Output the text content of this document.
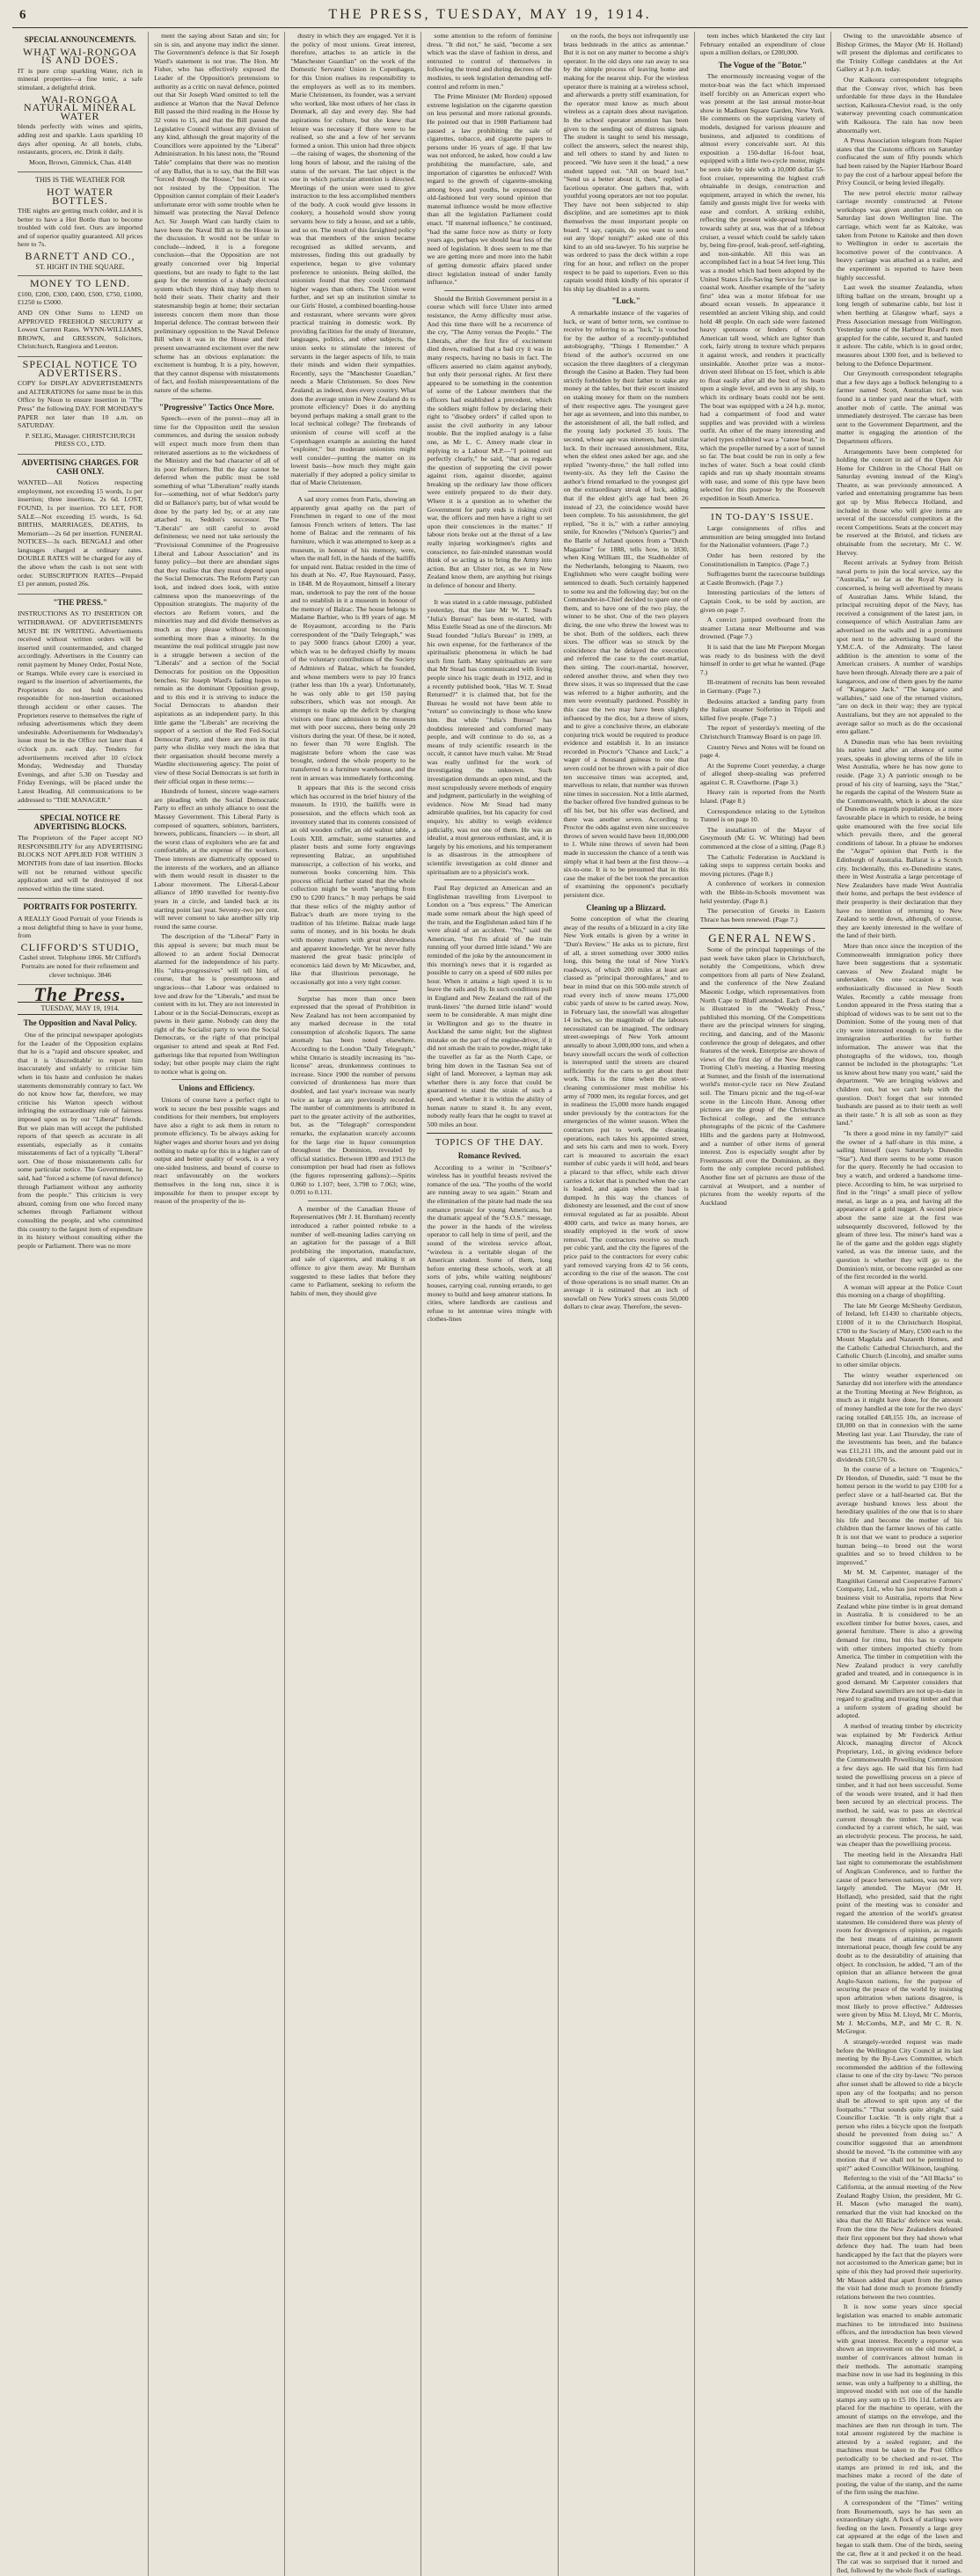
6	THE PRESS, TUESDAY, MAY 19, 1914.
SPECIAL ANNOUNCEMENTS.
WHAT WAI-RONGOA IS AND DOES.

IT is pure crisp sparkling Water, rich in mineral properties—a fine tonic, a safe stimulant, a delightful drink.

WAI-RONGOA NATURAL MINERAL WATER

blends perfectly with wines and spirits, adding zest and sparkle. Lasts sparkling 10 days after opening. At all hotels, clubs, restaurants, grocers, etc. Drink it daily.

Moon, Brown, Gimmick, Chas. 4148

THIS IS THE WEATHER FOR
HOT WATER BOTTLES.

THE nights are getting much colder, and it is better to have a Hot Bottle than to become troubled with cold feet. Ours are imported and of superior quality guaranteed. All prices here to 7s.

BARNETT AND CO.,
ST. HIGHT IN THE SQUARE.
MONEY TO LEND.

£100, £200, £300, £400, £500, £750, £1000, £1250 to £5000.

AND ON Other Sums to LEND on APPROVED FREEHOLD SECURITY at Lowest Current Rates. WYNN-WILLIAMS, BROWN, and GRESSON, Solicitors, Christchurch, Rangiora and Leeston.

SPECIAL NOTICE TO ADVERTISERS.

COPY for DISPLAY ADVERTISEMENTS and ALTERATIONS for same must be in this Office by Noon to ensure insertion in "The Press" the following DAY. FOR MONDAY'S PAPER not later than 10 a.m. on SATURDAY.

P. SELIG, Manager. CHRISTCHURCH PRESS CO., LTD.

ADVERTISING CHARGES. FOR CASH ONLY.

WANTED—All Notices respecting employment, not exceeding 15 words, 1s per insertion; three insertions, 2s 6d. LOST, FOUND, 1s per insertion. TO LET, FOR SALE—Not exceeding 15 words, 1s 6d. BIRTHS, MARRIAGES, DEATHS, In Memoriam—2s 6d per insertion. FUNERAL NOTICES—3s each. BENGALI and other languages charged at ordinary rates. DOUBLE RATES will be charged for any of the above when the cash is not sent with order. SUBSCRIPTION RATES—Prepaid £1 per annum, posted 26s.

"THE PRESS."

INSTRUCTIONS AS TO INSERTION OR WITHDRAWAL OF ADVERTISEMENTS MUST BE IN WRITING. Advertisements received without written orders will be inserted until countermanded, and charged accordingly. Advertisers in the Country can remit payment by Money Order, Postal Note, or Stamps. While every care is exercised in regard to the insertion of advertisements, the Proprietors do not hold themselves responsible for non-insertion occasioned through accident or other causes. The Proprietors reserve to themselves the right of refusing advertisements which they deem undesirable. Advertisements for Wednesday's issue must be in the Office not later than 4 o'clock p.m. each day. Tenders for advertisements received after 10 o'clock Monday, Wednesday and Thursday Evenings, and after 5.30 on Tuesday and Friday Evenings, will be placed under the Latest Heading. All communications to be addressed to "THE MANAGER."

SPECIAL NOTICE RE ADVERTISING BLOCKS.

The Proprietors of the Paper accept NO RESPONSIBILITY for any ADVERTISING BLOCKS NOT APPLIED FOR WITHIN 3 MONTHS from date of last insertion. Blocks will not be returned without specific application and will be destroyed if not removed within the time stated.

PORTRAITS FOR POSTERITY.

A REALLY Good Portrait of your Friends is a most delightful thing to have in your home, from

CLIFFORD'S STUDIO,

Cashel street. Telephone 1866. Mr Clifford's Portraits are noted for their refinement and clever technique. 3846

The Press.
TUESDAY, MAY 19, 1914.
The Opposition and Naval Policy.

One of the principal newspaper apologists for the Leader of the Opposition explains that he is a "rapid and obscure speaker, and that it is 'discreditable' to report him inaccurately and unfairly to criticise him when in his haste and confusion he makes statements demonstrably contrary to fact. We do not know how far, therefore, we may criticise his Warton speech without infringing the extraordinary rule of fairness imposed upon us by our "Liberal" friends. But we plain man will accept the published reports of that speech as accurate in all essentials, especially as it contains misstatements of fact of a typically "Liberal" sort. One of those misstatements calls for some particular notice. The Government, he said, had "forced a scheme (of naval defence) through Parliament without any authority from the people." This criticism is very absurd, coming from one who forced many schemes through Parliament without consulting the people, and who committed this country to the largest item of expenditure in its history without consulting either the people or Parliament. There was no more

ment the saying about Satan and sin; for sin is sin, and anyone may indict the sinner. The Government's defence is that Sir Joseph Ward's statement is not true. The Hon. Mr Fisher, who has effectively exposed the Leader of the Opposition's pretensions to authority as a critic on naval defence, pointed out that Sir Joseph Ward omitted to tell the audience at Warton that the Naval Defence Bill passed the third reading in the House by 32 votes to 15, and that the Bill passed the Legislative Council without any division of any kind, although the great majority of the Councillors were appointed by the "Liberal" Administration. In his latest note, the "Round Table" complains that there was no mention of any Ballot, that is to say, that the Bill was "forced through the House," but that it was not resisted by the Opposition. The Opposition cannot complain of their Leader's unfortunate error with some trouble when he himself was protecting the Naval Defence Act. Sir Joseph Ward can hardly claim to have been the Naval Bill as to the House in the discussion. It would not be unfair to conclude—indeed, it is a foregone conclusion—that the Opposition are not greatly concerned over big Imperial questions, but are ready to fight to the last gasp for the retention of a shady electoral system which they think may help them to hold their seats. Their charity and their statesmanship begin at home; their sectarian interests concern them more than those Imperial defence. The contrast between their preliminary opposition to the Naval Defence Bill when it was in the House and their present unwarranted excitement over the new scheme has an obvious explanation: the excitement is humbug. It is a pity, however, that they cannot dispense with misstatements of fact, and foolish misrepresentations of the nature of the scheme.

"Progressive" Tactics Once More.

Speech—even of the purest—may all in time for the Opposition until the session commences, and during the session nobody will expect much more from them than reiterated assertions as to the wickedness of the Ministry and the bad character of all of its poor Reformers. But the day cannot be deferred when the public must be told something of what "Liberalism" really stands for—something, not of what Seddon's party did or Ballance's party, but of what would be done by the party led by, or at any rate attached to, Seddon's successor. The "Liberals" are still careful to avoid definiteness; we need not take seriously the "Provisional Committee of the Progressive Liberal and Labour Association" and its funny policy—but there are abundant signs that they realise that they must depend upon the Social Democrats. The Reform Party can look, and indeed does look, with entire calmness upon the manoeuvrings of the Opposition strategists. The majority of the electors are Reform voters, and the minorities may and did divide themselves as much as they please without becoming something more than a minority. In the meantime the real political struggle just now is a struggle between a section of the "Liberals" and a section of the Social Democrats for position on the Opposition benches. Sir Joseph Ward's fading hopes to remain as the dominant Opposition group, and to this end it is striving to induce the Social Democrats to abandon their aspirations as an independent party. In this little game the "Liberals" are receiving the support of a section of the Red Fed-Social Democrat Party, and there are men in that party who dislike very much the idea that their organisation should become merely a Wardite electioneering agency. The point of view of these Social Democrats is set forth in their official organ in these terms:—

Hundreds of honest, sincere wage-earners are pleading with the Social Democratic Party to effect an unholy alliance to oust the Massey Government. This Liberal Party is composed of squatters, sobistors, barristers, brewers, publicans, financiers — in short, all the worst class of exploiters who are fat and comfortable, at the expense of the workers. These interests are diametrically opposed to the interests of the workers, and an alliance with them would result in disaster to the Labour movement. The Liberal-Labour alliance of 1890 travelled for twenty-five years in a circle, and landed back at its starting point last year. Seventy-two per cent. will never consent to take another silly trip round the same course.

The description of the "Liberal" Party in this appeal is severe; but much must be allowed to an ardent Social Democrat alarmed for the independence of his party. His "ultra-progressives" will tell him, of course, that he is presumptuous and ungracious—that Labour was ordained to love and draw for the "Liberals," and must be content with its lot. They are not interested in Labour or in the Social-Democrats, except as pawns in their game. Nobody can deny the right of the Socialist party to woo the Social Democrats, or the right of that principal organiser to attend and speak at Red Fed. gatherings like that reported from Wellington today; but other people may claim the right to notice what is going on.

Unions and Efficiency.

Unions of course have a perfect right to work to secure the best possible wages and conditions for their members, but employers have also a right to ask them in return to promote efficiency. To be always asking for higher wages and shorter hours and yet doing nothing to make up for this in a higher rate of output and better quality of work, is a very one-sided business, and bound of course to react unfavourably on the workers themselves in the long run, since it is impossible for them to prosper except by reason of the prosperity of the in-

dustry in which they are engaged. Yet it is the policy of most unions. Great interest, therefore, attaches to an article in the "Manchester Guardian" on the work of the Domestic Servants' Union in Copenhagen, for this Union realises its responsibility to the employers as well as to its members. Marie Christensen, its founder, was a servant who worked, like most others of her class in Denmark, all day and every day. She had aspirations for culture, but she knew that leisure was necessary if there were to be realised, so she and a few of her servants formed a union. This union had three objects —the raising of wages, the shortening of the long hours of labour, and the raising of the status of the servant. The last object is the one in which particular attention is directed. Meetings of the union were used to give instruction to the less accomplished members of the body. A cook would give lessons in cookery, a household would show young servants how to tidy a house, and set a table, and so on. The result of this farsighted policy was that members of the union became recognised as skilled servants, and mistresses, finding this out gradually by experience, began to give voluntary preference to unionists. Being skilled, the unionists found that they could command higher wages than others. The Union went further, and set up an institution similar to our Girls' Hostel, a combined boarding-house and restaurant, where servants were given practical training in domestic work. By providing facilities for the study of literature, languages, politics, and other subjects, the union seeks to stimulate the interest of servants in the larger aspects of life, to train their minds and widen their sympathies. Recently, says the "Manchester Guardian," needs a Marie Christensen. So does New Zealand; as indeed, does every country. What does the average union in New Zealand do to promote efficiency? Does it do anything beyond perhaps making a small grant to the local technical college? The firebrands of unionism of course will scoff at the Copenhagen example as assisting the hated "exploiter," but moderate unionists might well consider—putting the matter on its lowest basis—how much they might gain materially if they adopted a policy similar to that of Marie Christensen.

A sad story comes from Paris, showing an apparently great apathy on the part of Frenchmen in regard to one of the most famous French writers of letters. The last home of Balzac and the remnants of his furniture, which it was attempted to keep as a museum, in honour of his memory, were, when the mall fell, in the hands of the bailiffs for unpaid rent. Balzac resided in the time of his death at No. 47, Rue Raynouard, Passy, in 1848. M de Royaumont, himself a literary man, undertook to pay the rent of the house and to establish in it a museum in honour of the memory of Balzac. The house belongs to Madame Barbier, who is 89 years of age. M de Royaumont, according to the Paris correspondent of the "Daily Telegraph," was to pay 5000 francs (about £200) a year, which was to be defrayed chiefly by means of the voluntary contributions of the Society of Admirers of Balzac, which he founded, and whose members were to pay 10 francs (rather less than 10s a year). Unfortunately, he was only able to get 150 paying subscribers, which was not enough. An attempt to make up the deficit by charging visitors one franc admission to the museum met with poor success, there being only 20 visitors during the year. Of these, be it noted, no fewer than 70 were English. The magistrate before whom the case was brought, ordered the whole property to be transferred to a furniture warehouse, and the rent in arrears was immediately forthcoming.

It appears that this is the second crisis which has occurred in the brief history of the museum. In 1910, the bailiffs were in possession, and the effects which took an inventory stated that its contents consisted of an old wooden coffer, an old walnut table, a Louis XIII. armchair, some statuettes and plaster busts and some forty engravings representing Balzac, an unpublished manuscript, a collection of his works, and numerous books concerning him. This process official further stated that the whole collection might be worth "anything from £90 to £200 francs." It may perhaps be said that these relics of the mighty author of Balzac's death are more trying to the tradition of his lifetime. Balzac made large sums of money, and in his books he deals with money matters with great shrewdness and apparent knowledge. Yet he never fully mastered the great basic principle of economics laid down by Mr Micawber, and, like that illustrious personage, he occasionally got into a very tight corner.

Surprise has more than once been expressed that the spread of Prohibition in New Zealand has not been accompanied by any marked decrease in the total consumption of alcoholic liquors. The same anomaly has been noted elsewhere. According to the London "Daily Telegraph," whilst Ontario is steadily increasing its "no-license" areas, drunkenness continues to increase. Since 1900 the number of persons convicted of drunkenness has more than doubled, and last year's increase was nearly twice as large as any previously recorded. The number of commitments is attributed in part to the greater activity of the authorities, but, as the "Telegraph" correspondent remarks, the explanation scarcely accounts for the large rise in liquor consumption throughout the Dominion, revealed by official statistics. Between 1890 and 1913 the consumption per head had risen as follows (the figures representing gallons):—Spirits 0.860 to 1.107; beer, 3.798 to 7.063; wine, 0.091 to 0.131.

A member of the Canadian House of Representatives (Mr J. H. Burnham) recently introduced a rather pointed rebuke to a number of well-meaning ladies carrying on an agitation for the passage of a Bill prohibiting the importation, manufacture, and sale of cigarettes, and making it an offence to give them away. Mr Burnham suggested to these ladies that before they came to Parliament, seeking to reform the habits of men, they should give

some attention to the reform of feminine dress. "It did not," he said, "become a sex which was the slave of fashion in dress, and entrusted to control of themselves in following the trend and during decrees of the modistes, to seek legislation demanding self-control and reform in men."

The Prime Minister (Mr Borden) opposed extreme legislation on the cigarette question on less personal and more rational grounds. He pointed out that in 1908 Parliament had passed a law prohibiting the sale of cigarettes, tobacco, and cigarette papers to persons under 16 years of age. If that law was not enforced, he asked, how could a law prohibiting the manufacture, sale, and importation of cigarettes be enforced? With regard to the growth of cigarette-smoking among boys and youths, he expressed the old-fashioned but very sound opinion that maternal influence would be more effective than all the legislation Parliament could enact. "If maternal influence," he continued, "had the same force now as thirty or forty years ago, perhaps we should hear less of the need of legislation. It does seem to me that we are getting more and more into the habit of getting domestic affairs placed under direct legislation instead of under family influence."

Should the British Government persist in a course which will force Ulster into armed resistance, the Army difficulty must arise. And this time there will be a recurrence of the cry, "The Army versus the People." The Liberals, after the first fire of excitement died down, realised that a bad cry it was in many respects, having no basis in fact. The officers asserted no claim against anybody, but only their personal rights. At first there appeared to be something in the contention of some of the Labour members that the officers had established a precedent, which the soldiers might follow by declaring their right to "disobey orders" if called upon to assist the civil authority in any labour trouble. But the implied analogy is a false one, as Mr L. C. Amery made clear in replying to a Labour M.P.—"I pointed out perfectly clearly," he said, "that as regards the question of supporting the civil power against riots, against disorder, against breaking up the ordinary law those officers were entirely prepared to do their duty. Where it is a question as to whether the Government for party ends is risking civil war, the officers and men have a right to set upon their consciences in the matter." If labour riots broke out at the threat of a law really injuring workingmen's rights and conscience, no fair-minded statesman would think of so acting as to bring the Army into action. But an Ulster riot, as we in New Zealand know them, are anything but risings in defence of honour and liberty.

It was stated in a cable message, published yesterday, that the late Mr W. T. Stead's "Julia's Bureau" has been re-started, with Miss Estelle Stead as one of the directors. Mr Stead founded "Julia's Bureau" in 1909, at his own expense, for the furtherance of the spiritualistic phenomena in which he had such firm faith. Many spiritualists are sure that Mr Stead has communicated with living people since his tragic death in 1912, and in a recently published book, "Has W. T. Stead Returned?" it is claimed that, but for the Bureau he would not have been able to "return" so convincingly to those who knew him. But while "Julia's Bureau" has doubtless interested and comforted many people, and will continue to do so, as a means of truly scientific research in the occult, it cannot have much value. Mr Stead was really unfitted for the work of investigating the unknown. Such investigation demands an open mind, and the most scrupulously severe methods of enquiry and judgment, particularly in the weighing of evidence. Now Mr Stead had many admirable qualities, but his capacity for cool enquiry, his ability to weigh evidence judicially, was not one of them. He was an idealist, a most generous enthusiast, and, it is largely by his emotions, and his temperament is as disastrous in the atmosphere of scientific investigation as cold dinner and spiritualism are to a physicist's work.

Paul Ray depicted an American and an Englishman travelling from Liverpool to London on a "bus express." The American made some remark about the high speed of the train, and the Englishman asked him if he were afraid of an accident. "No," said the American, "but I'm afraid of the train running off your durned little island." We are reminded of the joke by the announcement in this morning's news that it is regarded as possible to carry on a speed of 600 miles per hour. When it attains a high speed it is to leave the rails and fly. In such conditions pull in England and New Zealand the rail of the trunk-liners' "the durned little island" would seem to be considerable. A man might dine in Wellington and go to the theatre in Auckland the same night; but the slightest mistake on the part of the engine-driver, if it did not smash the train to powder, might take the traveller as far as the North Cape, or bring him down in the Tasman Sea out of sight of land. Moreover, a layman may ask whether there is any force that could be guaranteed to stand the strain of such a speed, and whether it is within the ability of human nature to stand it. In any event, nobody really fears that he ought to travel at 500 miles an hour.

TOPICS OF THE DAY.
Romance Revived.

According to a writer in "Scribner's" wireless has in youthful breasts revived the romance of the sea. "The youths of the world are running away to sea again." Steam and the elimination of the pirate had made the sea romance prosaic for young Americans, but the dramatic appeal of the "S.O.S." message, the power in the hands of the wireless operator to call help in time of peril, and the sound of the wireless service afloat, "wireless is a veritable slogan of the American student. Some of them, long before entering these schools, work at all sorts of jobs, while waiting neighbours' houses, carrying coal, running errands, to get money to build and keep amateur stations. In cities, where landlords are cautious and refuse to let antennae wires mingle with clothes-lines

on the roofs, the boys not infrequently use brass bedsteads in the attics as antennae." But it is not on any matter to become a ship's operator. In the old days one ran away to sea by the simple process of leaving home and making for the nearest ship. For the wireless operator there is training at a wireless school, and afterwards a pretty stiff examination, for the operator must know as much about wireless as a captain does about navigation. In the school operator attention has been given to the sending out of distress signals. The student is taught to send his message, collect the answers, select the nearest ship, and tell others to stand by and listen to proceed. "We have seen it the head," a new student tapped out. "All on board lost." "Send us a better about it, then," replied a facetious operator. One gathers that, with youthful young operators are not too popular. They have not been subjected to ship discipline, and are sometimes apt to think themselves the most important people on board. "I say, captain, do you want to send out any 'dope' tonight?" asked one of this kind to an old sea-lawyer. To his surprise he was ordered to pass the deck within a rope ring for an hour, and reflect on the proper respect to be paid to superiors. Even so this captain would think kindly of his operator if his ship lay disabled in a storm.

"Luck."

A remarkable instance of the vagaries of luck, or want of better term, we continue to receive by referring to as "luck," is vouched for by the author of a recently-published autobiography, "Things I Remember." A friend of the author's occurred on one occasion the three daughters of a clergyman through the Casino at Baden. They had been strictly forbidden by their father to stake any money at the tables, but their escort insisted on staking money for them on the numbers of their respective ages. The youngest gave her age as seventeen, and into this number, to the astonishment of all, the ball rolled, and the young lady pocketed 35 louis. The second, whose age was nineteen, had similar luck. In their increased astonishment, Rita, when the eldest ones asked her age, and she replied "twenty-three," the ball rolled into twenty-six. As they left the Casino the author's friend remarked to the youngest girl on the extraordinary streak of luck, adding that if the eldest girl's age had been 26 instead of 23, the coincidence would have been complete. To his astonishment, the girl replied, "So it is," with a rather annoying smile, for Knowles ("Nelson's Queries") and the Battle of Jutland quotes from a "Dutch Magazine" for 1888, tells how, in 1830, when King William III., the Stadtholder of the Netherlands, belonging to Naaum, two Englishmen who were caught boiling were sentenced to death. Such certainly happened to some tea and the following day; but on the Commander-in-Chief decided to spare one of them, and to have one of the two play, the winner to be shot. One of the two players dicing, the one who threw the lowest was to be shot. Both of the soldiers, each threw sixes. The officer was so struck by the coincidence that he delayed the execution and referred the case to the court-martial, then sitting. The court-martial, however, ordered another throw, and when they two threw sixes, it was so impressed that the case was referred to a higher authority, and the men were eventually pardoned. Possibly in this case the two may have been slightly influenced by the dice, but a throw of sixes, and to give a conclusive throw, an elaborate conjuring trick would be required to produce evidence and establish it. In an instance recorded in Proctor's "Chance and Luck," a wager of a thousand guineas to one that seven could not be thrown with a pair of dice ten successive times was accepted, and, marvellous to relate, that number was thrown nine times in succession. Not a little alarmed, the backer offered five hundred guineas to be off his bet, but his offer was declined, and there was another seven. According to Proctor the odds against even nine successive throws of seven would have been 10,000,000 to 1. While nine throws of seven had been made in succession the chance of a tenth was simply what it had been at the first throw—a six-to-one. It is to be presumed that in this case the maker of the bet took the precaution of examining the opponent's peculiarly persistent dice.

Cleaning up a Blizzard.

Some conception of what the clearing away of the results of a blizzard in a city like New York entails is given by a writer in "Dun's Review." He asks us to picture, first of all, a street something over 3000 miles long, this being the total of New York's roadways, of which 200 miles at least are classed as "principal thoroughfares," and to bear in mind that on this 500-mile stretch of road every inch of snow means 175,000 cubic yards of snow to be carted away. Now, in February last, the snowfall was altogether 14 inches, so the magnitude of the labours necessitated can be imagined. The ordinary street-sweepings of New York amount annually to about 3,000,000 tons, and when a heavy snowfall occurs the work of collection is interrupted until the streets are cleared sufficiently for the carts to get about their work. This is the time when the street-cleaning commissioner must mobilise his army of 7000 men, its regular forces, and get in readiness the 15,000 more hands engaged under previously by the contractors for the emergencies of the winter season. When the contractors put to work, the cleaning operations, each takes his appointed street, and sets his carts and men to work. Every cart is measured to ascertain the exact number of cubic yards it will hold, and bears a placard to that effect, while each driver carries a ticket that is punched when the cart is loaded, and again when the load is dumped. In this way the chances of dishonesty are lessened, and the cost of snow removal regulated as far as possible. About 4000 carts, and twice as many horses, are steadily employed in the work of snow removal. The contractors receive so much per cubic yard, and the city the figures of the price paid to the contractors for every cubic yard removed varying from 42 to 56 cents, according to the rise of the season. The cost of those operations is no small matter. On an average it is estimated that an inch of snowfall on New York's streets costs 50,000 dollars to clear away. Therefore, the seven-

teen inches which blanketed the city last February entailed an expenditure of close upon a million dollars, or £200,000.

The Vogue of the "Botor."

The enormously increasing vogue of the motor-boat was the fact which impressed itself forcibly on an American expert who was present at the last annual motor-boat show in Madison Square Garden, New York. He comments on the surprising variety of models, designed for various pleasure and business, and adjusted to conditions of almost every conceivable sort. At this exposition a 150-dollar 16-foot boat, equipped with a little two-cycle motor, might be seen side by side with a 10,000 dollar 55-foot cruiser, representing the highest craft obtainable in design, construction and equipment, arrayed in which the owner, his family and guests might live for weeks with ease and comfort. A striking exhibit, reflecting the present wide-spread tendency towards safety at sea, was that of a lifeboat cruiser, a vessel which could be safely taken by, being fire-proof, leak-proof, self-righting, and non-sinkable. All this was an accomplished fact in a boat 54 feet long. This was a model which had been adopted by the United States Life-Saving Service for use in coastal work. Another example of the "safety first" idea was a motor lifeboat for use aboard ocean vessels. In appearance it resembled an ancient Viking ship, and could hold 48 people. On each side were fastened heavy sponsons or fenders of Scotch American tall wood, which are lighter than cork, fairly strong in texture which prepares it against wreck, and renders it practically unsinkable. Another prize was a motor-driven steel lifeboat on 15 feet, which is able to float easily after all the best of its boats upon a single level, and even in any ship, to which its ordinary boats could not be sent. The boat was equipped with a 24 h.p. motor, had a compartment of food and water supplies and was provided with a wireless outfit. An other of the many interesting and varied types exhibited was a "canoe boat," in which the propeller turned by a sort of tunnel so far. The boat could be run in only a few inches of water. Such a boat could climb rapids and run up shady mountain streams with ease, and some of this type have been selected for this purpose by the Roosevelt expedition in South America.

IN TO-DAY'S ISSUE.

Large consignments of rifles and ammunition are being smuggled into Ireland for the Nationalist volunteers. (Page 7.)

Order has been restored by the Constitutionalists in Tampico. (Page 7.)

Suffragettes burnt the racecourse buildings at Castle Bromwich. (Page 7.)

Interesting particulars of the letters of Captain Cook, to be sold by auction, are given on page 7.

A convict jumped overboard from the steamer Lutana near Melbourne and was drowned. (Page 7.)

It is said that the late Mr Pierpont Morgan was ready to do business with the devil himself in order to get what he wanted. (Page 7.)

Ill-treatment of recruits has been revealed in Germany. (Page 7.)

Bedouins attacked a landing party from the Italian steamer Solferino in Tripoli and killed five people. (Page 7.)

The report of yesterday's meeting of the Christchurch Tramway Board is on page 10.

Country News and Notes will be found on page 4.

At the Supreme Court yesterday, a charge of alleged sheep-stealing was preferred against C. R. Crawthorne. (Page 3.)

Heavy rain is reported from the North Island. (Page 8.)

Correspondence relating to the Lyttelton Tunnel is on page 10.

The installation of the Mayor of Greymouth (Mr G. W. Whiting) had been commenced at the close of a sitting. (Page 8.)

The Catholic Federation in Auckland is taking steps to suppress certain books and moving pictures. (Page 8.)

A conference of workers in connexion with the Bible-in-Schools movement was held yesterday. (Page 8.)

The persecution of Greeks in Eastern Thrace has been renewed. (Page 7.)

GENERAL NEWS.

Some of the principal happenings of the past week have taken place in Christchurch, notably the Competitions, which drew competitors from all parts of New Zealand, and the conference of the New Zealand Masonic Lodge, which representatives from North Cape to Bluff attended. Each of those is illustrated in the "Weekly Press," published this morning. Of the Competitions there are the principal winners for singing, reciting, and dancing, and of the Masonic conference the group of delegates, and other features of the week. Enterprise are shown of views of the first day of the New Brighton Trotting Club's meeting, a Hunting meeting at Sumner, and the finish of the international world's motor-cycle race on New Zealand soil. The Timaru picnic and the tug-of-war scene in the Lincoln Hunt. Among other pictures are the group of the Christchurch Technical college, and the entrance photographs of the picnic of the Cashmere Hills and the gardens party at Holmwood, and a number of other items of general interest. Zoo is especially sought after by Freemasons all over the Dominion, as they form the only complete record published. Another fine set of pictures are those of the carnival at Westport, and a number of pictures from the weekly reports of the Auckland

Owing to the unavoidable absence of Bishop Grimes, the Mayor (Mr H. Holland) will present the diplomas and certificates to the Trinity College candidates at the Art Gallery at 3 p.m. today.

Our Kaikoura correspondent telegraphs that the Conway river, which has been unfordable for three days in the Hundalee section, Kaikoura-Cheviot road, is the only waterway preventing coach communication with Kaikoura. The rain has now been abnormally wet.

A Press Association telegram from Napier states that the Customs officers on Saturday confiscated the sum of fifty pounds which had been raised by the Napier Harbour Board to pay the cost of a harbour appeal before the Privy Council, or being levied illegally.

The new petrol electric motor railway carriage recently constructed at Petone workshops was given another trial run on Saturday last down Wellington line. The carriage, which went far as Kaitoke, was taken from Petone to Kaitoke and then down to Wellington in order to ascertain the locomotive power of the contrivance. A heavy carriage was attached as a trailer, and the experiment is reported to have been highly successful.

Last week the steamer Zealandia, when lifting ballast on the stream, brought up a long length of submarine cable, but lost it when berthing at Glasgow wharf, says a Press Association message from Wellington. Yesterday some of the Harbour Board's men grappled for the cable, secured it, and hauled it ashore. The cable, which is in good order, measures about 1300 feet, and is believed to belong to the Defence Department.

Our Greymouth correspondent telegraphs that a few days ago a bullock belonging to a farmer named Scott, Australian tick was found in a timber yard near the wharf, with another mob of cattle. The animal was immediately destroyed. The carcase has been sent to the Government Department, and the matter is engaging the attention of the Department officers.

Arrangements have been completed for holding the concert in aid of the Open Air Home for Children in the Choral Hall on Saturday evening instead of the King's Theatre, as was previously announced. A varied and entertaining programme has been got up by Miss Rebecca Holland, and included in those who will give items are several of the successful competitors at the recent Competitions. Seats at the concert may be reserved at the Bristol, and tickets are obtainable from the secretary, Mr C. W. Hervey.

Recent arrivals at Sydney from British naval ports to join the local service, say the "Australia," so far as the Royal Navy is concerned, is being well advertised by means of Australian Jams. While Island, the principal recruiting depot of the Navy, has received a consignment of the latest jam, in consequence of which Australian Jams are advertised on the walls and in a prominent spot next to the advertising board of the Y.M.C.A. of the Admiralty. The latest addition is the attention to some of the American cruisers. A number of warships have been through. Already there are a pair of kangaroos, and one of them goes by the name of "Kangaroo Jack." "The kangaroo and wallabies," said one of the returned visitors, "are on deck in their way; they are typical Australians, but they are not appealed to the average sailor so much as do the occasional emu gallant."

A Dunedin man who has been revisiting his native land after an absence of some years, speaks in glowing terms of the life in West Australia, where he has now gone to reside. (Page 3.) A patriotic enough to be proud of his city of learning, says the "Star," he regards the capital of the Western State as the Commonwealth, which is about the size of Dunedin as regards population, as a more favourable place in which to reside, he being quite enamoured with the free social life which prevails there, and the general conditions of labour. In a phrase he endorses the "Argus'" opinion that Perth is the Edinburgh of Australia. Ballarat is a Scotch city. Incidentally, this ex-Dunedinite states, there in West Australia a large percentage of New Zealanders have made West Australia their home, and perhaps the best evidence of their prosperity is their declaration that they have no intention of returning to New Zealand to settle down, although, of course, they are keenly interested in the welfare of the land of their birth.

More than once since the inception of the Commonwealth immigration policy there have been suggestions that a systematic canvass of New Zealand might be undertaken. On one occasion it was enthusiastically discussed in New South Wales. Recently a cable message from London appeared in the Press stating that a shipload of widows was to be sent out to the Dominion. Some of the young men of that city were interested enough to write to the immigration authorities for further information. The answer was that the photographs of the widows, too, though cannot be included in the photographs: "Let us know about how many you want," said the department. "We are bringing widows and children out, but we can't help with the question. Don't forget that our intended husbands are passed as to their teeth as well as their taste." It is all sob as soon as they land."

"Is there a good mine in my family?" said the owner of a half-share in this mine, a sailing himself (says Saturday's Dunedin "Star"). And there seems to be some reason for the query. Recently he had occasion to buy a watch, and ordered a handsome time-piece. According to him, he was surprised to find in the "rings" a small piece of yellow metal, as large as a pea, and having all the appearance of a gold nugget. A second piece about the same size at the first was subsequently discovered, followed by the gleam of three less. The miner's hand was a lie of the game and the golden eggs slightly varied, as was the intense taste, and the question is whether they will go to the Dominion's mint, or become regarded as one of the first recorded in the world.

A woman will appear at the Police Court this morning on a charge of shoplifting.

The late Mr George McSheehy Gerdiston, of Ireland, left £1430 to charitable objects, £1000 of it to the Christchurch Hospital, £700 to the Society of Mary, £500 each to the Mount Magdala and Nazareth Homes, and the Catholic Cathedral Christchurch, and the Catholic Church (Lincoln), and smaller sums to other similar objects.

The wintry weather experienced on Saturday did not interfere with the attendance at the Trotting Meeting at New Brighton, as much as it might have done, for the amount of money handled at the tote for the two days' racing totalled £48,155 10s, an increase of £8,000 on that in connexion with the same Meeting last year. Last Thursday, the rate of the investments has been, and the balance was £11,211 10s, and the amount paid out in dividends £10,570 5s.

In the course of a lecture on "Eugenics," Dr Hendon, of Dunedin, said: "I must be the hottest person in the world to pay £100 for a perfect slave or a half-hearted cat. But the average husband knows less about the hereditary qualities of the one that is to share his life and become the mother of his children than the farmer knows of his cattle. It is not that we want to produce a superior human being—to breed out the worst qualities and so to breed children to be improved."

Mr M. M. Carpenter, manager of the Rangitikei General and Cooperative Farmers' Company, Ltd., who has just returned from a business visit to Australia, reports that New Zealand white pine timber is in great demand in Australia. It is considered to be an excellent timber for butter boxes, cases, and general furniture. There is also a growing demand for rimu, but this has to compete with other timbers imported chiefly from America. The timber in competition with the New Zealand product is very carefully graded and treated, and in consequence is in good demand. Mr Carpenter considers that New Zealand sawmillers are not up-to-date in regard to grading and treating timber and that a uniform system of grading should be adopted.

A method of treating timber by electricity was explained by Mr Frederick Arthur Alcock, managing director of Alcock Proprietary, Ltd., in giving evidence before the Commonwealth Powellising Commission a few days ago. He said that his firm had tested the powellising process on a piece of timber, and it had not been successful. Some of the woods were treated, and it had then been secured by an electrical process. The method, he said, was to pass an electrical current through the timber. The sap was conducted by a current which, he said, was an electrolytic process. The process, he said, was cheaper than the powellising process.

The meeting held in the Alexandra Hall last night to commemorate the establishment of Anglican Conference, and to further the cause of peace between nations, was not very largely attended. The Mayor (Mr H. Holland), who presided, said that the right point of the meeting was to consider and regard the attention of the world's greatest statesmen. He considered there was plenty of room for divergences of opinion, as regards the best means of attaining permanent international peace, though few could be any doubt as to the desirability of attaining that object. In conclusion, he added, "I am of the opinion that an alliance between the great Anglo-Saxon nations, for the purpose of securing the peace of the world by insisting upon arbitration when nations disagree, is most likely to prove effective." Addresses were given by Miss M. Lloyd, Mr C. Morris, Mr J. McCombs, M.P., and Mr C. R. N. McGregor.

A strangely-worded request was made before the Wellington City Council at its last meeting by the By-Laws Committee, which recommended the addition of the following clause to one of the city by-laws: "No person after sunset shall be allowed to ride a bicycle upon any of the footpaths; and no person shall be allowed to spit upon any of the footpaths." "That sounds quite alright," said Councillor Luckie. "It is only right that a person who rides a bicycle upon the footpath should be prevented from doing so." A councillor suggested that an amendment should be moved. "Is the committee with any motion that if we shall not be permitted to spit?" asked Councillor Wilkinson, laughing.

Referring to the visit of the "All Blacks" to California, at the annual meeting of the New Zealand Rugby Union, the president, Mr G. H. Mason (who managed the team), remarked that the visit had knocked on the idea that the All Blacks' defence was weak. From the time the New Zealanders defeated their first opponent but they had shown what defence they had. The team had been handicapped by the fact that the players were not accustomed to the American game; but in spite of this they had proved their superiority. Mr Mason added that apart from the games the visit had done much to promote friendly relations between the two countries.

It is now some years since special legislation was enacted to enable automatic machines to be introduced into business offices, and the introduction has been viewed with great interest. Recently a reporter was shown an improvement on the old model, a number of contrivances almost human in their methods. The automatic stamping machine now in use had its beginning in this sense, was only a halfpenny to a shilling, the improved model with not one of the handle stamps any sum up to £5 10s 11d. Letters are placed for the machine to operate, with the amount of stamps on the envelope, and the machines are then run through in turn. The total amount registered by the machine is attested by a sealed register, and the machines must be taken to the Post Office periodically to be checked and re-set. The stamps are printed in red ink, and the machines make a record of the date of posting, the value of the stamp, and the name of the firm using the machine.

A correspondent of the "Times" writing from Bournemouth, says he has seen an extraordinary sight. A flock of starlings were feeding on the lawn. Presently a large grey cat appeared at the edge of the lawn and began to stalk them. One of the birds, seeing the cat, flew at it and pecked it on the head. The cat was so surprised that it turned and fled, followed by the whole flock of starlings.
